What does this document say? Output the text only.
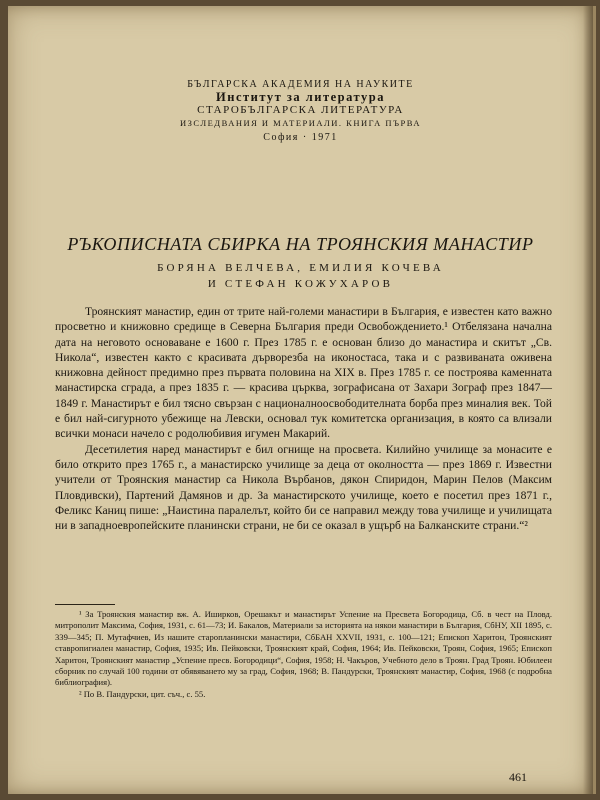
БЪЛГАРСКА АКАДЕМИЯ НА НАУКИТЕ
Институт за литература
СТАРОБЪЛГАРСКА ЛИТЕРАТУРА
ИЗСЛЕДВАНИЯ И МАТЕРИАЛИ. КНИГА ПЪРВА
София · 1971
РЪКОПИСНАТА СБИРКА НА ТРОЯНСКИЯ МАНАСТИР
БОРЯНА ВЕЛЧЕВА, ЕМИЛИЯ КОЧЕВА
И СТЕФАН КОЖУХАРОВ

Троянският манастир, един от трите най-големи манастири в България, е известен като важно просветно и книжовно средище в Северна България преди Освобождението.¹ Отбелязана начална дата на неговото основаване е 1600 г. През 1785 г. е основан близо до манастира и скитът „Св. Никола“, известен както с красивата дърворезба на иконостаса, така и с развиваната оживена книжовна дейност предимно през първата половина на XIX в. През 1785 г. се построява каменната манастирска сграда, а през 1835 г. — красива църква, зографисана от Захари Зограф през 1847—1849 г. Манастирът е бил тясно свързан с националноосвободителната борба през миналия век. Той е бил най-сигурното убежище на Левски, основал тук комитетска организация, в която са влизали всички монаси начело с родолюбивия игумен Макарий.

Десетилетия наред манастирът е бил огнище на просвета. Килийно училище за монасите е било открито през 1765 г., а манастирско училище за деца от околността — през 1869 г. Известни учители от Троянския манастир са Никола Върбанов, дякон Спиридон, Марин Пелов (Максим Пловдивски), Партений Дамянов и др. За манастирското училище, което е посетил през 1871 г., Феликс Каниц пише: „Наистина паралелът, който би се направил между това училище и училищата ни в западноевропейските планински страни, не би се оказал в ущърб на Балканските страни.“²

¹ За Троянския манастир вж. А. Иширков, Орешакът и манастирът Успение на Пресвета Богородица, Сб. в чест на Пловд. митрополит Максима, София, 1931, с. 61—73; И. Бакалов, Материали за историята на някои манастири в България, СбНУ, XII 1895, с. 339—345; П. Мутафчиев, Из нашите старопланински манастири, СбБАН XXVII, 1931, с. 100—121; Епископ Харитон, Троянският ставропигиален манастир, София, 1935; Ив. Пейковски, Троянският край, София, 1964; Ив. Пейковски, Троян, София, 1965; Епископ Харитон, Троянският манастир „Успение пресв. Богородици“, София, 1958; Н. Чакъров, Учебното дело в Троян. Град Троян. Юбилеен сборник по случай 100 години от обявяването му за град, София, 1968; В. Пандурски, Троянският манастир, София, 1968 (с подробна библиография).

² По В. Пандурски, цит. съч., с. 55.

461
